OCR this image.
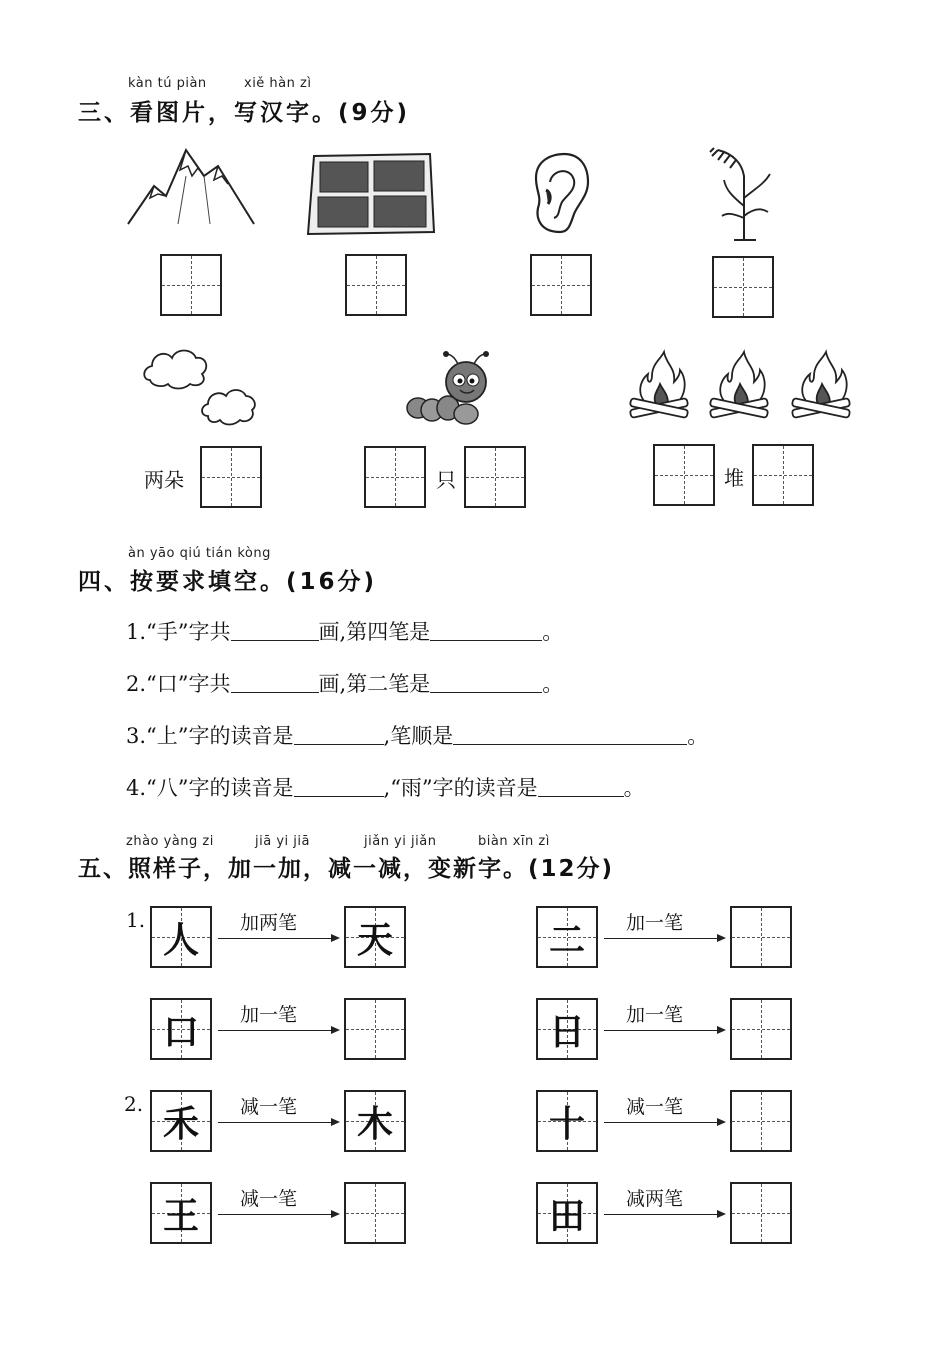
kàn tú piàn	xiě hàn zì
三、看图片，写汉字。(9分)
两朵	只	堆
àn yāo qiú tián kòng
四、按要求填空。(16分)
1.“手”字共	画,第四笔是	。
2.“口”字共	画,第二笔是	。
3.“上”字的读音是	,笔顺是	。
4.“八”字的读音是	,“雨”字的读音是	。
zhào yàng zi	jiā yi jiā	jiǎn yi jiǎn	biàn xīn zì
五、照样子，加一加，减一减，变新字。(12分)
1.
2.
人 加两笔 天	二 加一笔
口 加一笔	日 加一笔
禾 减一笔 木	十 减一笔
王 减一笔	田 减两笔
